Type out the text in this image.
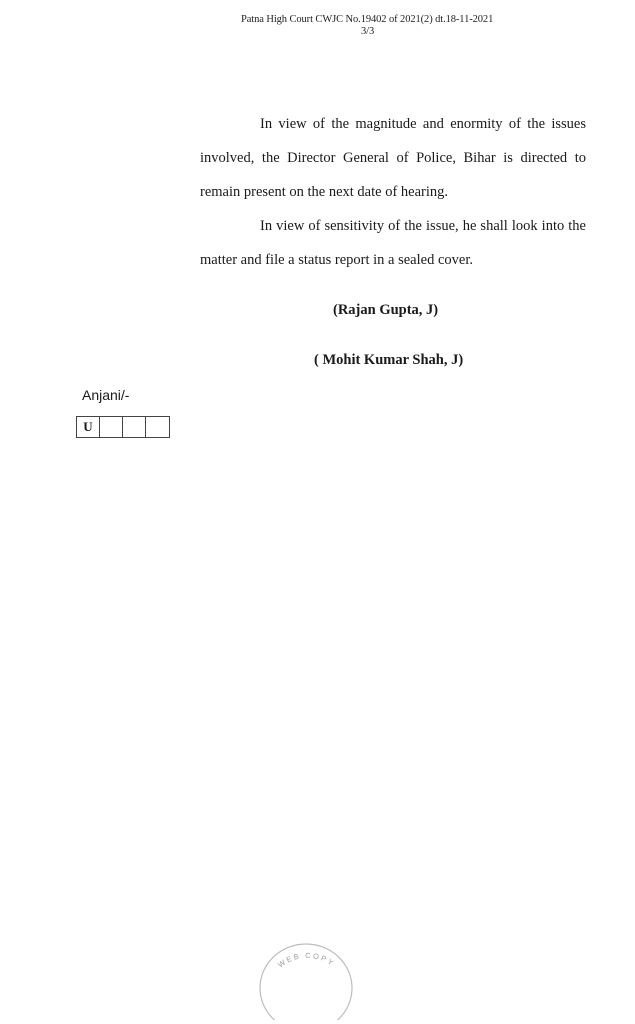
Patna High Court CWJC No.19402 of 2021(2) dt.18-11-2021
3/3

In view of the magnitude and enormity of the issues involved, the Director General of Police, Bihar is directed to remain present on the next date of hearing.

In view of sensitivity of the issue, he shall look into the matter and file a status report in a sealed cover.

(Rajan Gupta, J)
( Mohit Kumar Shah, J)
Anjani/-
U
WEB COPY
